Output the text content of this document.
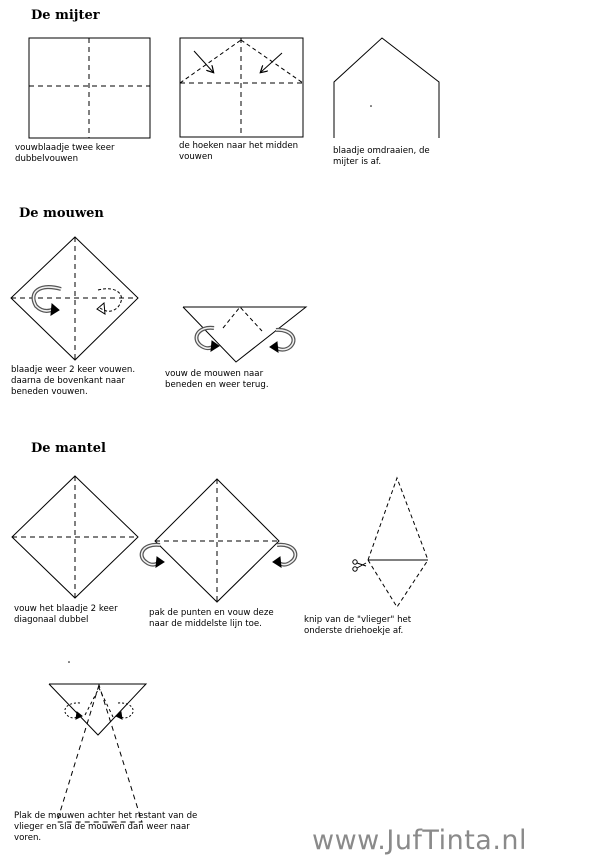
De mijter
De mouwen
De mantel
vouwblaadje twee keer
dubbelvouwen
de hoeken naar het midden
vouwen
blaadje omdraaien, de
mijter is af.
blaadje weer 2 keer vouwen.
daarna de bovenkant naar
beneden vouwen.
vouw de mouwen naar
beneden en weer terug.
vouw het blaadje 2 keer
diagonaal dubbel
pak de punten en vouw deze
naar de middelste lijn toe.	knip van de "vlieger" het
onderste driehoekje af.
Plak de mouwen achter het restant van de
vlieger en sla de mouwen dan weer naar
voren.	www.JufTinta.nl
